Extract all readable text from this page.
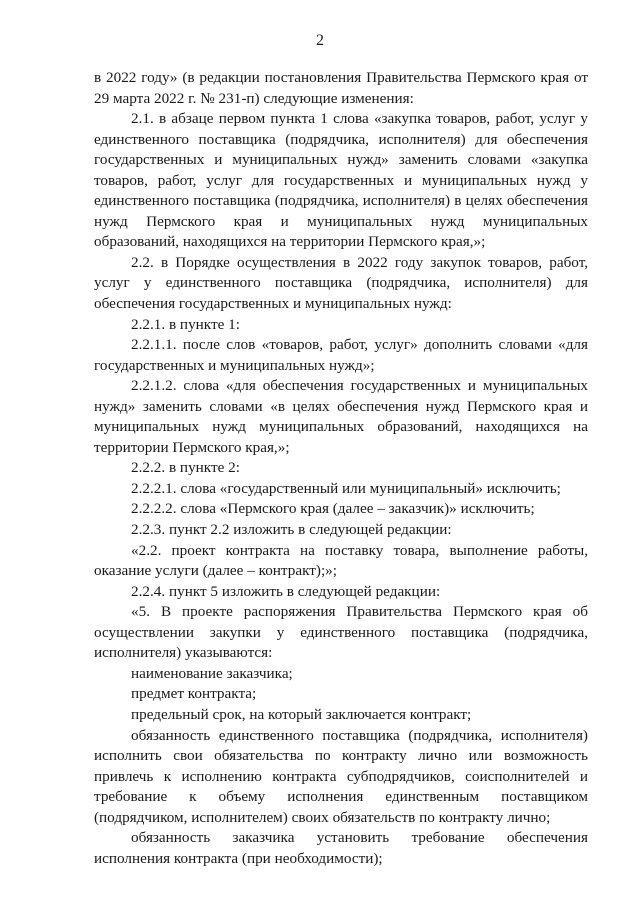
2

в 2022 году» (в редакции постановления Правительства Пермского края от 29 марта 2022 г. № 231-п) следующие изменения:

2.1. в абзаце первом пункта 1 слова «закупка товаров, работ, услуг у единственного поставщика (подрядчика, исполнителя) для обеспечения государственных и муниципальных нужд» заменить словами «закупка товаров, работ, услуг для государственных и муниципальных нужд у единственного поставщика (подрядчика, исполнителя) в целях обеспечения нужд Пермского края и муниципальных нужд муниципальных образований, находящихся на территории Пермского края,»;

2.2. в Порядке осуществления в 2022 году закупок товаров, работ, услуг у единственного поставщика (подрядчика, исполнителя) для обеспечения государственных и муниципальных нужд:

2.2.1. в пункте 1:

2.2.1.1. после слов «товаров, работ, услуг» дополнить словами «для государственных и муниципальных нужд»;

2.2.1.2. слова «для обеспечения государственных и муниципальных нужд» заменить словами «в целях обеспечения нужд Пермского края и муниципальных нужд муниципальных образований, находящихся на территории Пермского края,»;

2.2.2. в пункте 2:

2.2.2.1. слова «государственный или муниципальный» исключить;

2.2.2.2. слова «Пермского края (далее – заказчик)» исключить;

2.2.3. пункт 2.2 изложить в следующей редакции:

«2.2. проект контракта на поставку товара, выполнение работы, оказание услуги (далее – контракт);»;

2.2.4. пункт 5 изложить в следующей редакции:

«5. В проекте распоряжения Правительства Пермского края об осуществлении закупки у единственного поставщика (подрядчика, исполнителя) указываются:

наименование заказчика;

предмет контракта;

предельный срок, на который заключается контракт;

обязанность единственного поставщика (подрядчика, исполнителя) исполнить свои обязательства по контракту лично или возможность привлечь к исполнению контракта субподрядчиков, соисполнителей и требование к объему исполнения единственным поставщиком (подрядчиком, исполнителем) своих обязательств по контракту лично;

обязанность заказчика установить требование обеспечения исполнения контракта (при необходимости);
